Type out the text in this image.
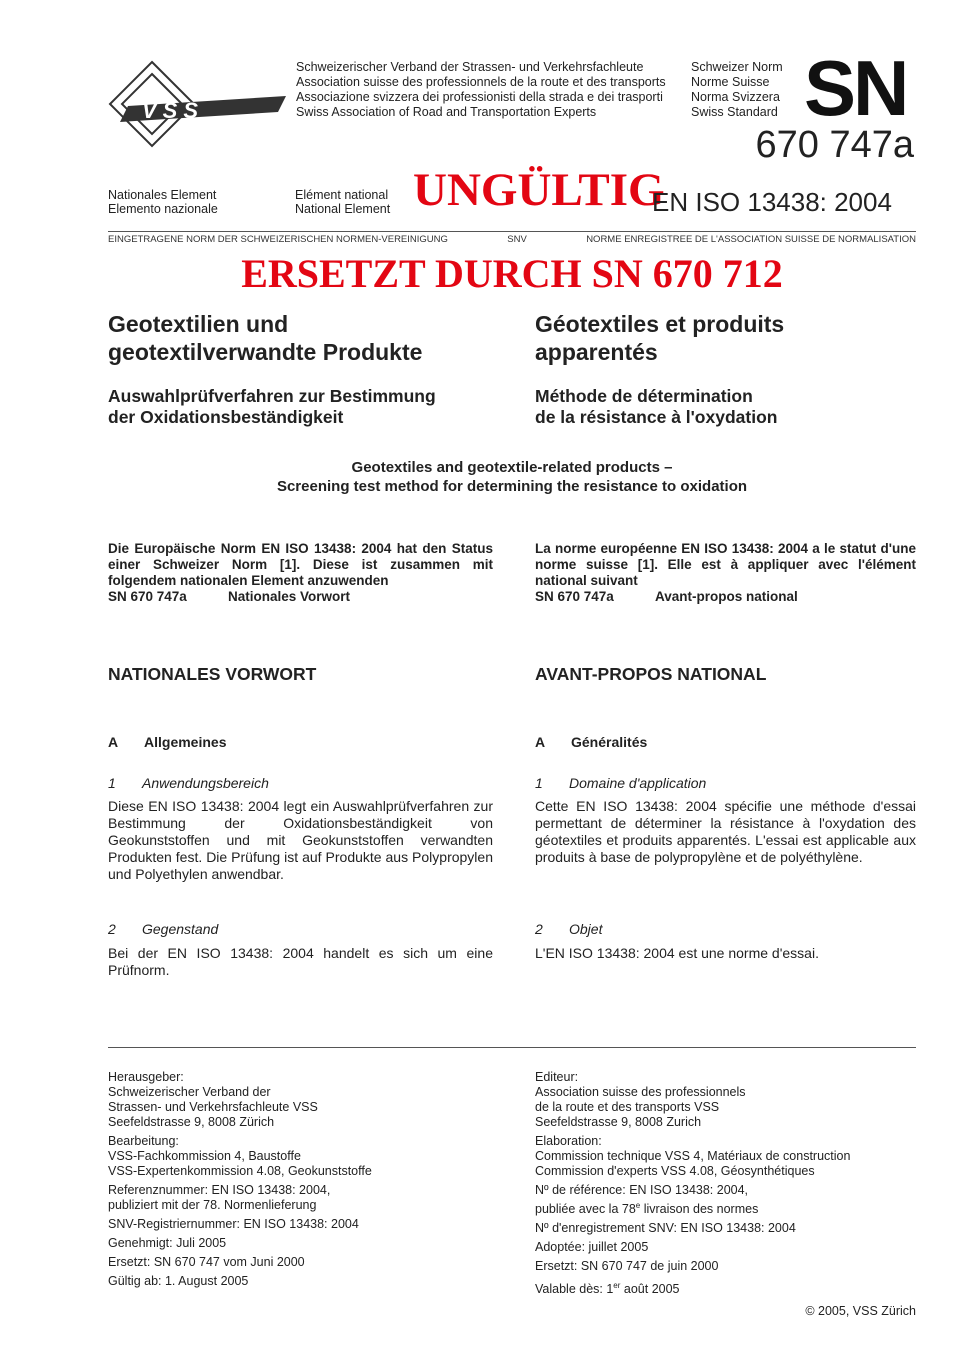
VSS
Schweizerischer Verband der Strassen- und Verkehrsfachleute
Association suisse des professionnels de la route et des transports
Associazione svizzera dei professionisti della strada e dei trasporti
Swiss Association of Road and Transportation Experts
Schweizer Norm
Norme Suisse
Norma Svizzera
Swiss Standard SN
670 747a
Nationales Element
Elemento nazionale
Elément national
National Element UNGÜLTIG
EN ISO 13438: 2004
EINGETRAGENE NORM DER SCHWEIZERISCHEN NORMEN-VEREINIGUNG	SNV	NORME ENREGISTREE DE L'ASSOCIATION SUISSE DE NORMALISATION
ERSETZT DURCH SN 670 712
Geotextilien und
geotextilverwandte Produkte
Géotextiles et produits
apparentés
Auswahlprüfverfahren zur Bestimmung
der Oxidationsbeständigkeit
Méthode de détermination
de la résistance à l'oxydation
Geotextiles and geotextile-related products –
Screening test method for determining the resistance to oxidation
Die Europäische Norm EN ISO 13438: 2004 hat den Status einer Schweizer Norm [1]. Diese ist zusammen mit folgendem nationalen Element anzuwenden
SN 670 747a	Nationales Vorwort
La norme européenne EN ISO 13438: 2004 a le statut d'une norme suisse [1]. Elle est à appliquer avec l'élément national suivant
SN 670 747a	Avant-propos national
NATIONALES VORWORT	AVANT-PROPOS NATIONAL
A Allgemeines	A Généralités
1 Anwendungsbereich	1 Domaine d'application
Diese EN ISO 13438: 2004 legt ein Auswahlprüfverfahren zur Bestimmung der Oxidationsbeständigkeit von Geokunststoffen und mit Geokunststoffen verwandten Produkten fest. Die Prüfung ist auf Produkte aus Polypropylen und Polyethylen anwendbar.
Cette EN ISO 13438: 2004 spécifie une méthode d'essai permettant de déterminer la résistance à l'oxydation des géotextiles et produits apparentés. L'essai est applicable aux produits à base de polypropylène et de polyéthylène.
2 Gegenstand	2 Objet
Bei der EN ISO 13438: 2004 handelt es sich um eine Prüfnorm.
L'EN ISO 13438: 2004 est une norme d'essai.
Herausgeber:
Schweizerischer Verband der
Strassen- und Verkehrsfachleute VSS
Seefeldstrasse 9, 8008 Zürich
Bearbeitung:
VSS-Fachkommission 4, Baustoffe
VSS-Expertenkommission 4.08, Geokunststoffe
Referenznummer: EN ISO 13438: 2004,
publiziert mit der 78. Normenlieferung
SNV-Registriernummer: EN ISO 13438: 2004
Genehmigt: Juli 2005
Ersetzt: SN 670 747 vom Juni 2000
Gültig ab: 1. August 2005
Editeur:
Association suisse des professionnels
de la route et des transports VSS
Seefeldstrasse 9, 8008 Zurich
Elaboration:
Commission technique VSS 4, Matériaux de construction
Commission d'experts VSS 4.08, Géosynthétiques
Nº de référence: EN ISO 13438: 2004,
publiée avec la 78e livraison des normes
Nº d'enregistrement SNV: EN ISO 13438: 2004
Adoptée: juillet 2005
Ersetzt: SN 670 747 de juin 2000
Valable dès: 1er août 2005
© 2005, VSS Zürich
